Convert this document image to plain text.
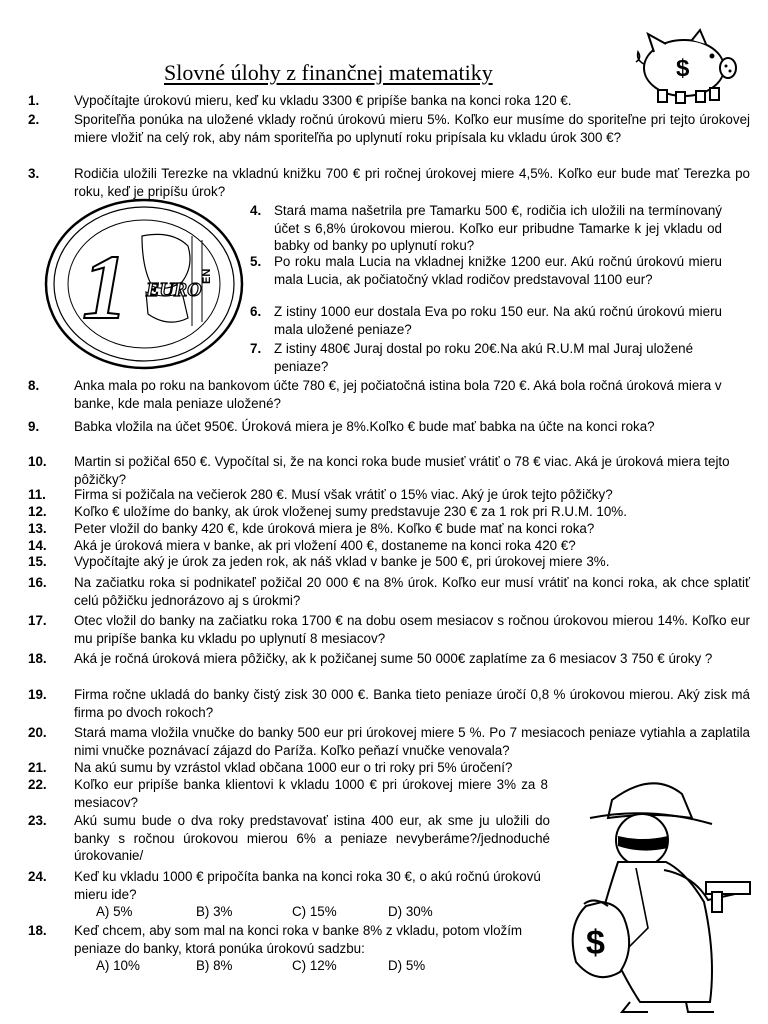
Slovné úlohy z finančnej matematiky	$
1 EURO
EN
$
1.	Vypočítajte úrokovú mieru, keď ku vkladu 3300 € pripíše banka na konci roka 120 €.
2.	Sporiteľňa ponúka na uložené vklady ročnú úrokovú mieru 5%. Koľko eur musíme do sporiteľne pri tejto úrokovej miere vložiť na celý rok, aby nám sporiteľňa po uplynutí roku pripísala ku vkladu úrok 300 €?
3.	Rodičia uložili Terezke na vkladnú knižku 700 € pri ročnej úrokovej miere 4,5%. Koľko eur bude mať Terezka po roku, keď je pripíšu úrok?
4. Stará mama našetrila pre Tamarku 500 €, rodičia ich uložili na termínovaný účet s 6,8% úrokovou mierou. Koľko eur pribudne Tamarke k jej vkladu od babky od banky po uplynutí roku?
5. Po roku mala Lucia na vkladnej knižke 1200 eur. Akú ročnú úrokovú mieru mala Lucia, ak počiatočný vklad rodičov predstavoval 1100 eur?
6. Z istiny 1000 eur dostala Eva po roku 150 eur. Na akú ročnú úrokovú mieru mala uložené peniaze?
7. Z istiny 480€ Juraj dostal po roku 20€.Na akú R.U.M mal Juraj uložené peniaze?
8.	Anka mala po roku na bankovom účte 780 €, jej počiatočná istina bola 720 €. Aká bola ročná úroková miera v banke, kde mala peniaze uložené?
9.	Babka vložila na účet 950€. Úroková miera je 8%.Koľko € bude mať babka na účte na konci roka?
10. Martin si požičal 650 €. Vypočítal si, že na konci roka bude musieť vrátiť o 78 € viac. Aká je úroková miera tejto pôžičky?
11. Firma si požičala na večierok 280 €. Musí však vrátiť o 15% viac. Aký je úrok tejto pôžičky?
12. Koľko € uložíme do banky, ak úrok vloženej sumy predstavuje 230 € za 1 rok pri R.U.M. 10%.
13. Peter vložil do banky 420 €, kde úroková miera je 8%. Koľko € bude mať na konci roka?
14. Aká je úroková miera v banke, ak pri vložení 400 €, dostaneme na konci roka 420 €?
15. Vypočítajte aký je úrok za jeden rok, ak náš vklad v banke je 500 €, pri úrokovej miere 3%.
16. Na začiatku roka si podnikateľ požičal 20 000 € na 8% úrok. Koľko eur musí vrátiť na konci roka, ak chce splatiť celú pôžičku jednorázovo aj s úrokmi?
17. Otec vložil do banky na začiatku roka 1700 € na dobu osem mesiacov s ročnou úrokovou mierou 14%. Koľko eur mu pripíše banka ku vkladu po uplynutí 8 mesiacov?
18. Aká je ročná úroková miera pôžičky, ak k požičanej sume 50 000€ zaplatíme za 6 mesiacov 3 750 € úroky ?
19. Firma ročne ukladá do banky čistý zisk 30 000 €. Banka tieto peniaze úročí 0,8 % úrokovou mierou. Aký zisk má firma po dvoch rokoch?
20. Stará mama vložila vnučke do banky 500 eur pri úrokovej miere 5 %. Po 7 mesiacoch peniaze vytiahla a zaplatila nimi vnučke poznávací zájazd do Paríža. Koľko peňazí vnučke venovala?
21. Na akú sumu by vzrástol vklad občana 1000 eur o tri roky pri 5% úročení?
22. Koľko eur pripíše banka klientovi k vkladu 1000 € pri úrokovej miere 3% za 8 mesiacov?
23. Akú sumu bude o dva roky predstavovať istina 400 eur, ak sme ju uložili do banky s ročnou úrokovou mierou 6% a peniaze nevyberáme?/jednoduché úrokovanie/
24. Keď ku vkladu 1000 € pripočíta banka na konci roka 30 €, o akú ročnú úrokovú mieru ide?
A) 5%	B) 3%	C) 15%	D) 30%
18. Keď chcem, aby som mal na konci roka v banke 8% z vkladu, potom vložím peniaze do banky, ktorá ponúka úrokovú sadzbu:
A) 10%	B) 8%	C) 12%	D) 5%
